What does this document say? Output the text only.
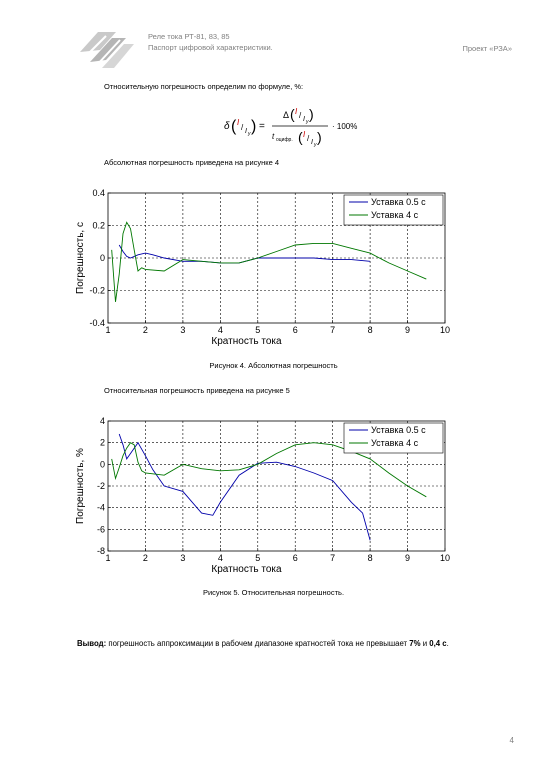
Реле тока РТ-81, 83, 85
Паспорт цифровой характеристики.	Проект «РЗА»
Относительную погрешность определим по формуле, %:
δ ( I
/ I у ) =
Δ ( I / I у )
t оцифр. ( I / I у )
· 100%
Абсолютная погрешность приведена на рисунке 4
1	2	3	4	5	6	7	8	9	10
-0.4
-0.2
0
0.2
0.4
Кратность тока
Погрешность, с
Уставка 0.5 с
Уставка 4 с
Рисунок 4. Абсолютная погрешность
Относительная погрешность приведена на рисунке 5
1	2	3	4	5	6	7	8	9	10
-8
-6
-4
-2
0
2
4
Кратность тока
Погрешность, %
Уставка 0.5 с
Уставка 4 с
Рисунок 5. Относительная погрешность.
Вывод: погрешность аппроксимации в рабочем диапазоне кратностей тока не превышает 7% и 0,4 с.
4
